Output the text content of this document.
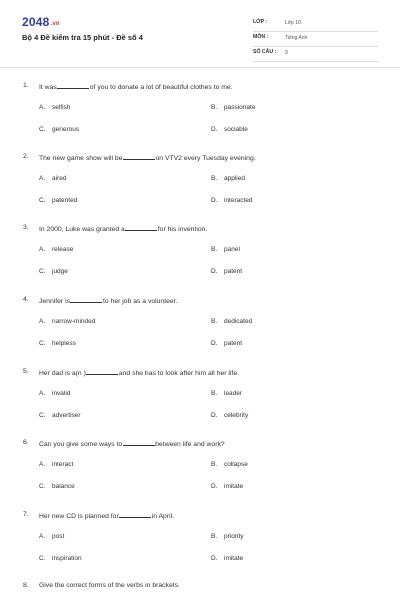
2048.vn
Bộ 4 Đề kiểm tra 15 phút - Đề số 4
LỚP :	Lớp 10
MÔN :	Tiếng Anh
SỐ CÂU : 9
1. It was	of you to donate a lot of beautiful clothes to me.
A. selfish	B. passionate
C. generous	D. sociable
2. The new game show will be	on VTV2 every Tuesday evening.
A. aired	B. applied
C. patented	D. interacted
3. In 2000, Luke was granted a	for his invention.
A. release	B. panel
C. judge	D. patent
4. Jennifer is	to her job as a volunteer.
A. narrow-minded	B. dedicated
C. helpless	D. patent
5. Her dad is a(n )	and she has to look after him all her life.
A. invalid	B. leader
C. advertiser	D. celebrity
6. Can you give some ways to	between life and work?
A. interact	B. collapse
C. balance	D. imitate
7. Her new CD is planned for	in April.
A. post	B. priority
C. inspiration	D. imitate
8. Give the correct forms of the verbs in brackets.
